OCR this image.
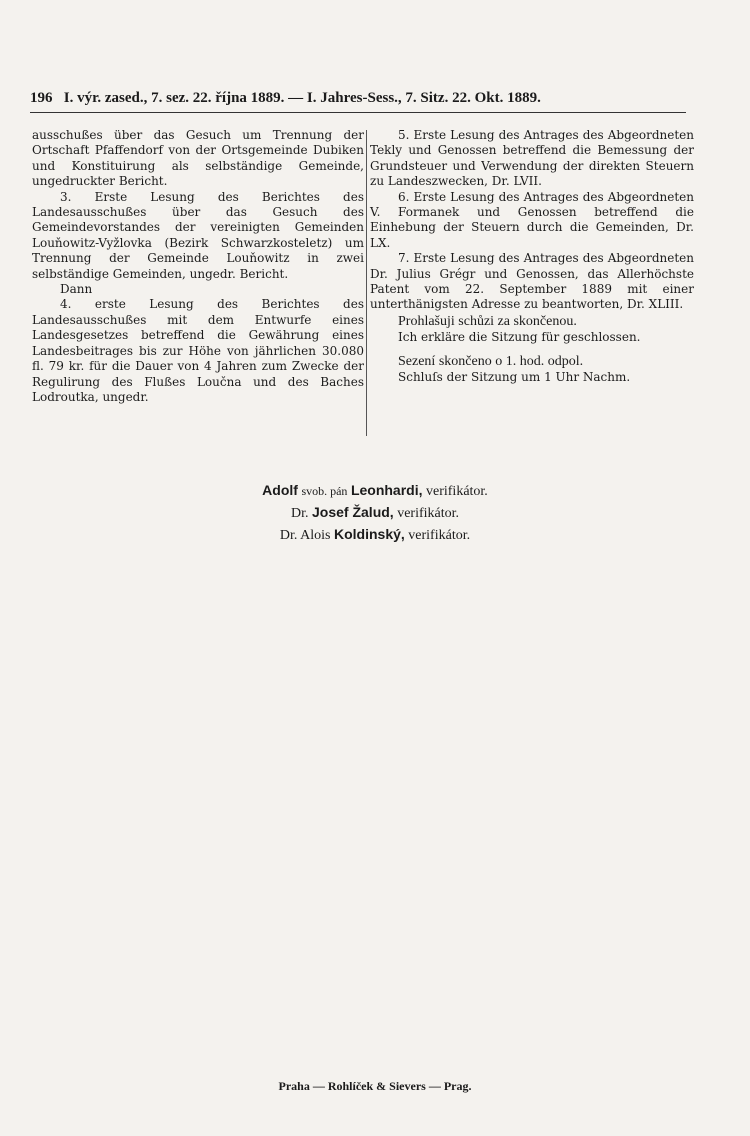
196 I. výr. zased., 7. sez. 22. října 1889. — I. Jahres-Sess., 7. Sitz. 22. Okt. 1889.

ausschußes über das Gesuch um Trennung der Ortschaft Pfaffendorf von der Ortsgemeinde Dubiken und Konstituirung als selbständige Gemeinde, ungedruckter Bericht.

3. Erste Lesung des Berichtes des Landesausschußes über das Gesuch des Gemeindevorstandes der vereinigten Gemeinden Louňowitz-Vyžlovka (Bezirk Schwarzkosteletz) um Trennung der Gemeinde Louňowitz in zwei selbständige Gemeinden, ungedr. Bericht.

Dann

4. erste Lesung des Berichtes des Landesausschußes mit dem Entwurfe eines Landesgesetzes betreffend die Gewährung eines Landesbeitrages bis zur Höhe von jährlichen 30.080 fl. 79 kr. für die Dauer von 4 Jahren zum Zwecke der Regulirung des Flußes Loučna und des Baches Lodroutka, ungedr.

5. Erste Lesung des Antrages des Abgeordneten Tekly und Genossen betreffend die Bemessung der Grundsteuer und Verwendung der direkten Steuern zu Landeszwecken, Dr. LVII.

6. Erste Lesung des Antrages des Abgeordneten V. Formanek und Genossen betreffend die Einhebung der Steuern durch die Gemeinden, Dr. LX.

7. Erste Lesung des Antrages des Abgeordneten Dr. Julius Grégr und Genossen, das Allerhöchste Patent vom 22. September 1889 mit einer unterthänigsten Adresse zu beantworten, Dr. XLIII.

Prohlašuji schůzi za skončenou.

Ich erkläre die Sitzung für geschlossen.

Sezení skončeno o 1. hod. odpol.

Schluſs der Sitzung um 1 Uhr Nachm.

Adolf svob. pán Leonhardi, verifikátor.
Dr. Josef Žalud, verifikátor.
Dr. Alois Koldinský, verifikátor.
Praha — Rohlíček & Sievers — Prag.
